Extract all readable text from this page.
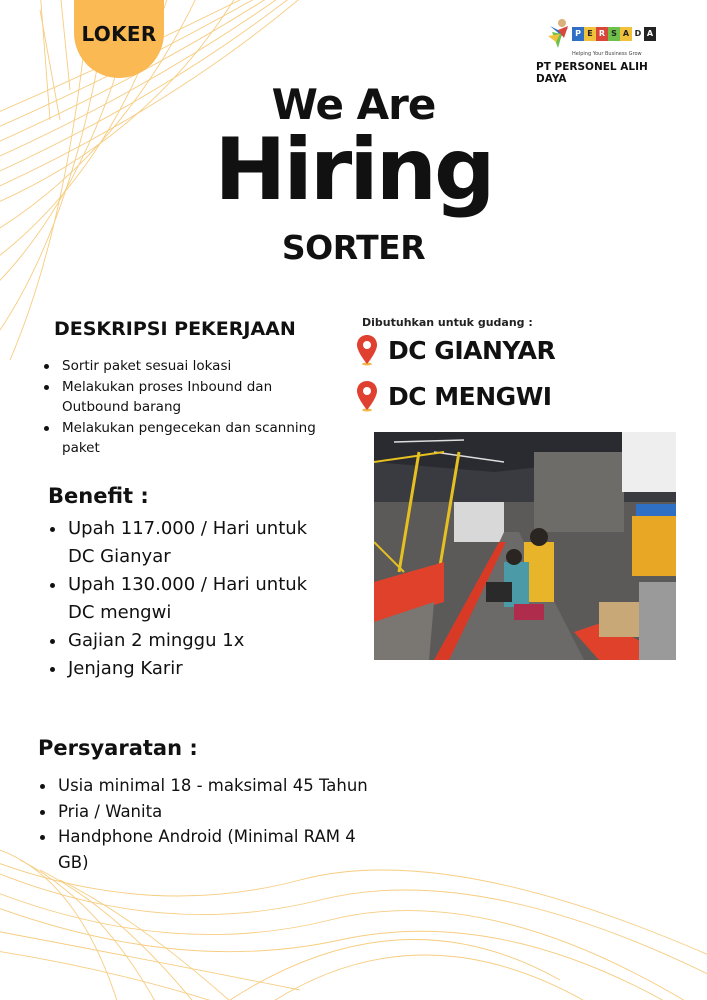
LOKER	P E R S A D A
Helping Your Business Grow
PT PERSONEL ALIH DAYA
We Are
Hiring
SORTER
DESKRIPSI PEKERJAAN
Sortir paket sesuai lokasi
Melakukan proses Inbound dan Outbound barang
Melakukan pengecekan dan scanning paket
Dibutuhkan untuk gudang :
DC GIANYAR
DC MENGWI
Benefit :
Upah 117.000 / Hari untuk DC Gianyar
Upah 130.000 / Hari untuk DC mengwi
Gajian 2 minggu 1x
Jenjang Karir
Persyaratan :
Usia minimal 18 - maksimal 45 Tahun
Pria / Wanita
Handphone Android (Minimal RAM 4 GB)
